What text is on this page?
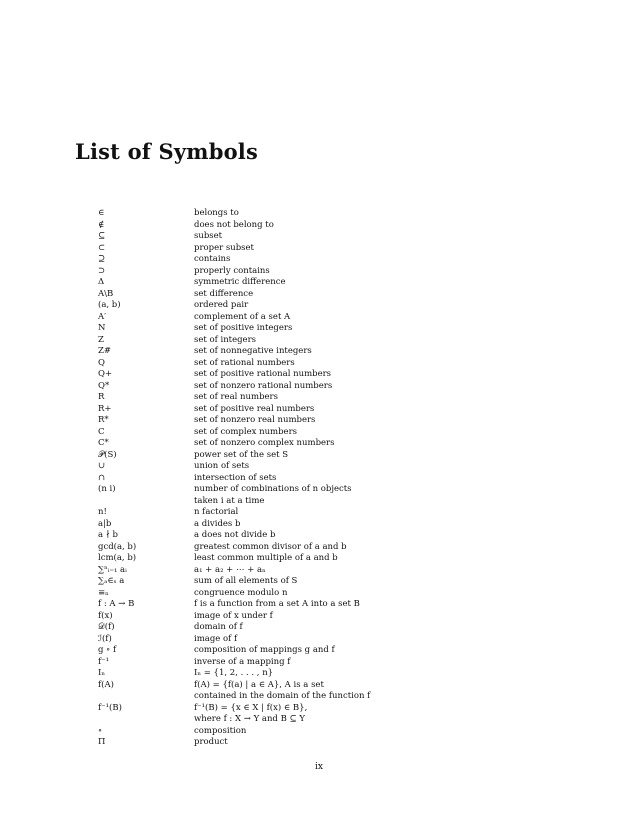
List of Symbols
∈	belongs to
∉	does not belong to
⊆	subset
⊂	proper subset
⊇	contains
⊃	properly contains
Δ	symmetric difference
A\B	set difference
(a, b)	ordered pair
A′	complement of a set A
N	set of positive integers
Z	set of integers
Z#	set of nonnegative integers
Q	set of rational numbers
Q+	set of positive rational numbers
Q*	set of nonzero rational numbers
R	set of real numbers
R+	set of positive real numbers
R*	set of nonzero real numbers
C	set of complex numbers
C*	set of nonzero complex numbers
𝒫(S)	power set of the set S
∪	union of sets
∩	intersection of sets
(n i)	number of combinations of n objects
taken i at a time
n!	n factorial
a|b	a divides b
a ∤ b	a does not divide b
gcd(a, b)	greatest common divisor of a and b
lcm(a, b)	least common multiple of a and b
∑ⁿᵢ₌₁ aᵢ	a₁ + a₂ + ⋯ + aₙ
∑ₐ∈ₛ a	sum of all elements of S
≡ₙ	congruence modulo n
f : A → B	f is a function from a set A into a set B
f(x)	image of x under f
𝒟(f)	domain of f
ℐ(f)	image of f
g ∘ f	composition of mappings g and f
f⁻¹	inverse of a mapping f
Iₙ	Iₙ = {1, 2, . . . , n}
f(A)	f(A) = {f(a) | a ∈ A}, A is a set
contained in the domain of the function f
f⁻¹(B)	f⁻¹(B) = {x ∈ X | f(x) ∈ B},
where f : X → Y and B ⊆ Y
∘	composition
Π	product
ix
